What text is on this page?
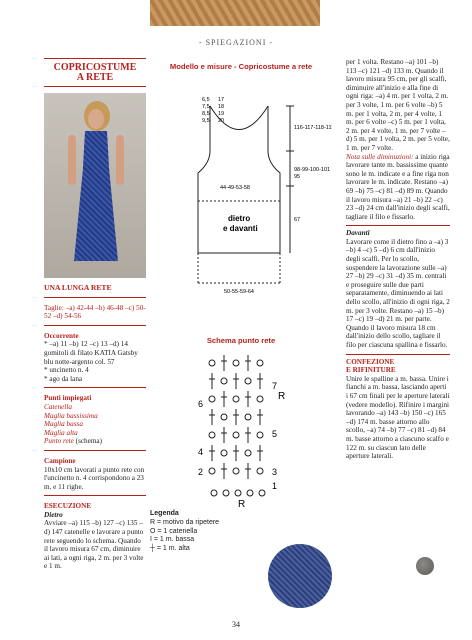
- SPIEGAZIONI -
COPRICOSTUME
A RETE
UNA LUNGA RETE
Taglie: –a) 42-44 –b) 46-48 –c) 50-52 –d) 54-56
Occorrente
* –a) 11 –b) 12 –c) 13 –d) 14 gomitoli di filato KATIA Gatsby blu notte-argento col. 57
* uncinetto n. 4
* ago da lana
Punti impiegati
Catenella
Maglia bassissima
Maglia bassa
Maglia alta
Punto rete (schema)
Campione
10x10 cm lavorati a punto rete con l'uncinetto n. 4 corrispondono a 23 m. e 11 righe.
ESECUZIONE
Dietro
Avviare –a) 115 –b) 127 –c) 135 –d) 147 catenelle e lavorare a punto rete seguendo lo schema. Quando il lavoro misura 67 cm, diminuire ai lati, a ogni riga, 2 m. per 3 volte e 1 m.
Modello e misure - Copricostume a rete
6,5
7,5
8,5
9,5
17
18
19
20
116-117-118-119
98-99-100-101
95
44-49-53-58
67
dietro
e davanti
50-55-59-64
Schema punto rete
7
R
6
5
4
3
2
1
R
Legenda
R = motivo da ripetere
O = 1 catenella
I = 1 m. bassa
┼ = 1 m. alta

per 1 volta. Restano –a) 101 –b) 113 –c) 121 –d) 133 m. Quando il lavoro misura 95 cm, per gli scalfi, diminuire all'inizio e alla fine di ogni riga: –a) 4 m. per 1 volta, 2 m. per 3 volte, 1 m. per 6 volte –b) 5 m. per 1 volta, 2 m. per 4 volte, 1 m. per 6 volte –c) 5 m. per 1 volta, 2 m. per 4 volte, 1 m. per 7 volte –d) 5 m. per 1 volta, 2 m. per 5 volte, 1 m. per 7 volte.

Nota sulle diminuzioni: a inizio riga lavorare tante m. bassissime quante sono le m. indicate e a fine riga non lavorare le m. indicate. Restano –a) 69 –b) 75 –c) 81 –d) 89 m. Quando il lavoro misura –a) 21 –b) 22 –c) 23 –d) 24 cm dall'inizio degli scalfi, tagliare il filo e fissarlo.

Davanti

Lavorare come il dietro fino a –a) 3 –b) 4 –c) 5 –d) 6 cm dall'inizio degli scalfi. Per lo scollo, sospendere la lavorazione sulle –a) 27 –b) 29 –c) 31 –d) 35 m. centrali e proseguire sulle due parti separatamente, diminuendo ai lati dello scollo, all'inizio di ogni riga, 2 m. per 3 volte. Restano –a) 15 –b) 17 –c) 19 –d) 21 m. per parte. Quando il lavoro misura 18 cm dall'inizio dello scollo, tagliare il filo per ciascuna spallina e fissarlo.

CONFEZIONE
E RIFINITURE

Unire le spalline a m. bassa. Unire i fianchi a m. bassa, lasciando aperti i 67 cm finali per le aperture laterali (vedere modello). Rifinire i margini lavorando –a) 143 –b) 150 –c) 165 –d) 174 m. basse attorno allo scollo, –a) 74 –b) 77 –c) 81 –d) 84 m. basse attorno a ciascuno scalfo e 122 m. su ciascun lato delle aperture laterali.

34
